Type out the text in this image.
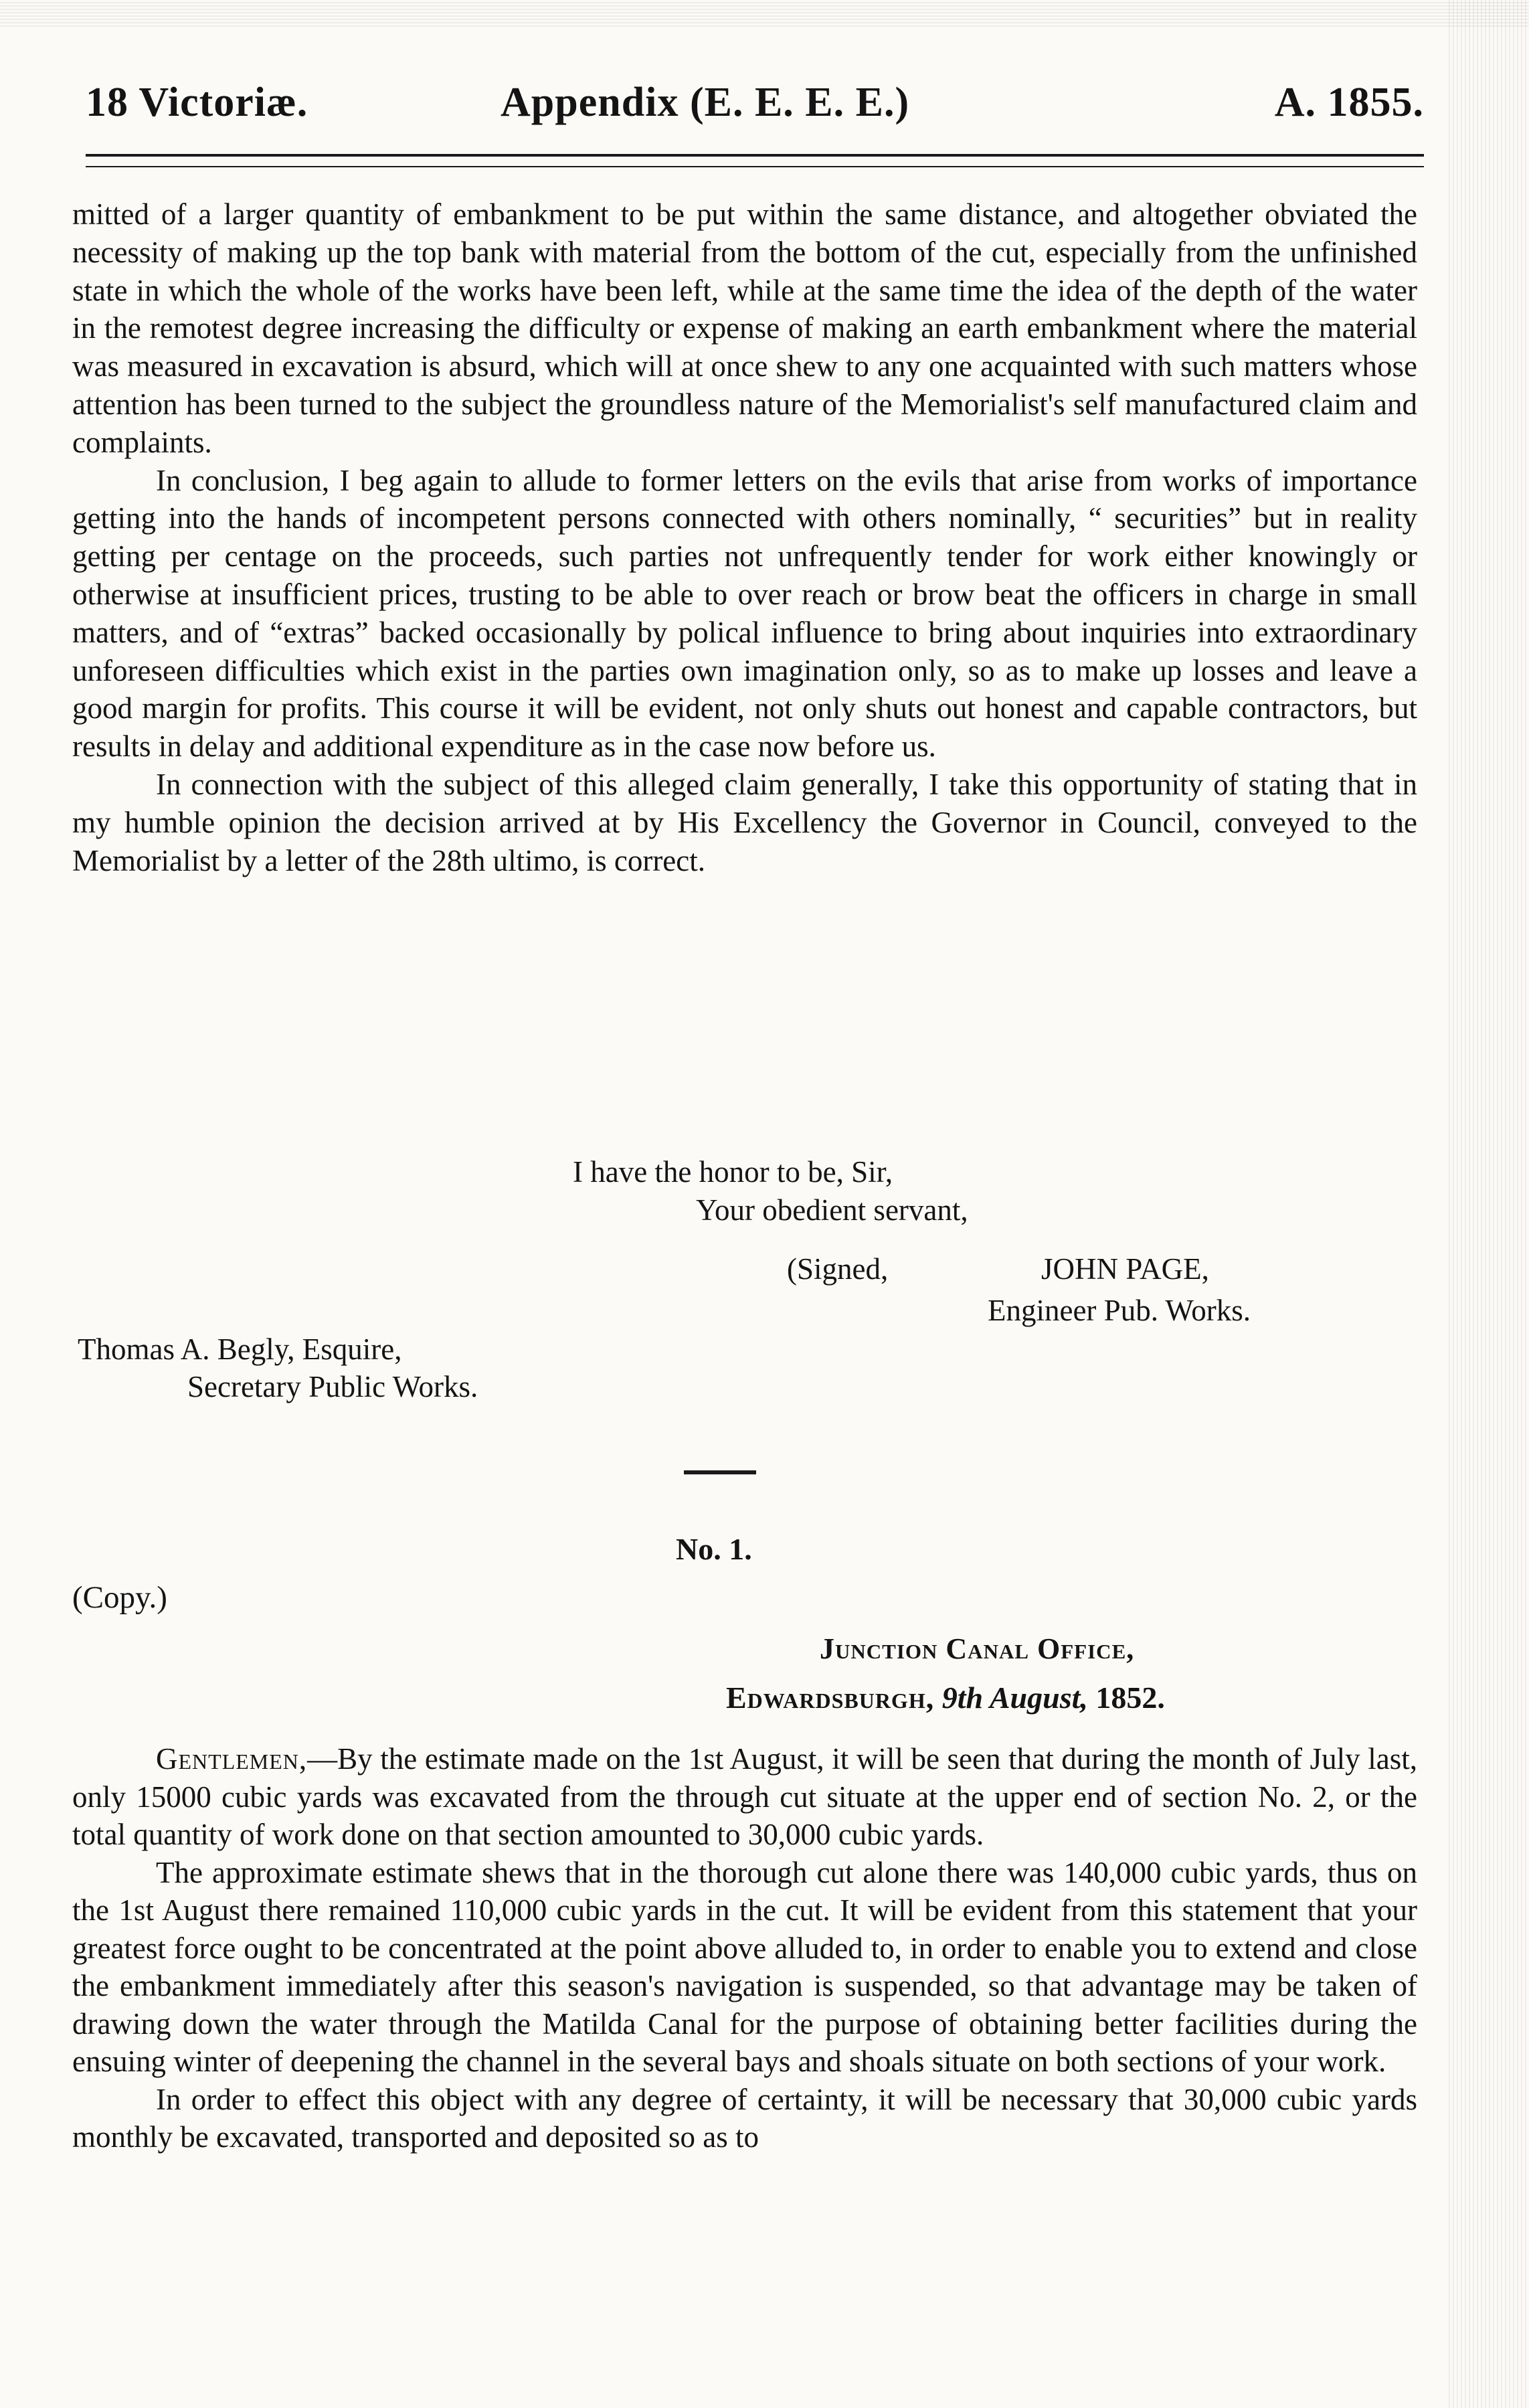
18 Victoriæ.	Appendix (E. E. E. E.)	A. 1855.

mitted of a larger quantity of embankment to be put within the same distance, and altogether obviated the necessity of making up the top bank with material from the bottom of the cut, especially from the unfinished state in which the whole of the works have been left, while at the same time the idea of the depth of the water in the remotest degree increasing the difficulty or expense of making an earth embankment where the material was measured in excavation is absurd, which will at once shew to any one acquainted with such matters whose attention has been turned to the subject the groundless nature of the Memorialist's self manufactured claim and complaints.

In conclusion, I beg again to allude to former letters on the evils that arise from works of importance getting into the hands of incompetent persons connected with others nominally, “ securities” but in reality getting per centage on the proceeds, such parties not unfrequently tender for work either knowingly or otherwise at insufficient prices, trusting to be able to over reach or brow beat the officers in charge in small matters, and of “extras” backed occasionally by polical influence to bring about inquiries into extraordinary unforeseen difficulties which exist in the parties own imagination only, so as to make up losses and leave a good margin for profits. This course it will be evident, not only shuts out honest and capable contractors, but results in delay and additional expenditure as in the case now before us.

In connection with the subject of this alleged claim generally, I take this opportunity of stating that in my humble opinion the decision arrived at by His Excellency the Governor in Council, conveyed to the Memorialist by a letter of the 28th ultimo, is correct.

I have the honor to be, Sir,
Your obedient servant,
(Signed,	JOHN PAGE,
Engineer Pub. Works.
Thomas A. Begly, Esquire,
Secretary Public Works.
No. 1.
(Copy.)
Junction Canal Office,
Edwardsburgh, 9th August, 1852.

Gentlemen,—By the estimate made on the 1st August, it will be seen that during the month of July last, only 15000 cubic yards was excavated from the through cut situate at the upper end of section No. 2, or the total quantity of work done on that section amounted to 30,000 cubic yards.

The approximate estimate shews that in the thorough cut alone there was 140,000 cubic yards, thus on the 1st August there remained 110,000 cubic yards in the cut. It will be evident from this statement that your greatest force ought to be concentrated at the point above alluded to, in order to enable you to extend and close the embankment immediately after this season's navigation is suspended, so that advantage may be taken of drawing down the water through the Matilda Canal for the purpose of obtaining better facilities during the ensuing winter of deepening the channel in the several bays and shoals situate on both sections of your work.

In order to effect this object with any degree of certainty, it will be necessary that 30,000 cubic yards monthly be excavated, transported and deposited so as to
